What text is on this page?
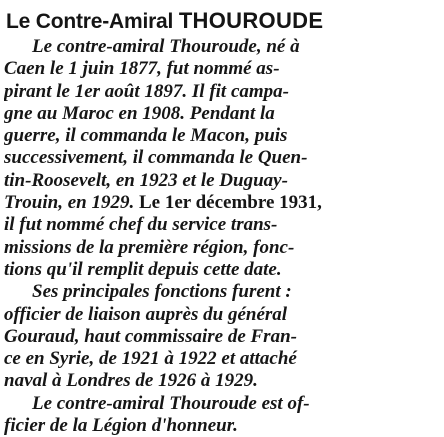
Le Contre-Amiral THOUROUDE
Le contre-amiral Thouroude, né à
Caen le 1 juin 1877, fut nommé as-
pirant le 1er août 1897. Il fit campa-
gne au Maroc en 1908. Pendant la
guerre, il commanda le Macon, puis
successivement, il commanda le Quen-
tin-Roosevelt, en 1923 et le Duguay-
Trouin, en 1929. Le 1er décembre 1931,
il fut nommé chef du service trans-
missions de la première région, fonc-
tions qu'il remplit depuis cette date.
Ses principales fonctions furent :
officier de liaison auprès du général
Gouraud, haut commissaire de Fran-
ce en Syrie, de 1921 à 1922 et attaché
naval à Londres de 1926 à 1929.
Le contre-amiral Thouroude est of-
ficier de la Légion d'honneur.
